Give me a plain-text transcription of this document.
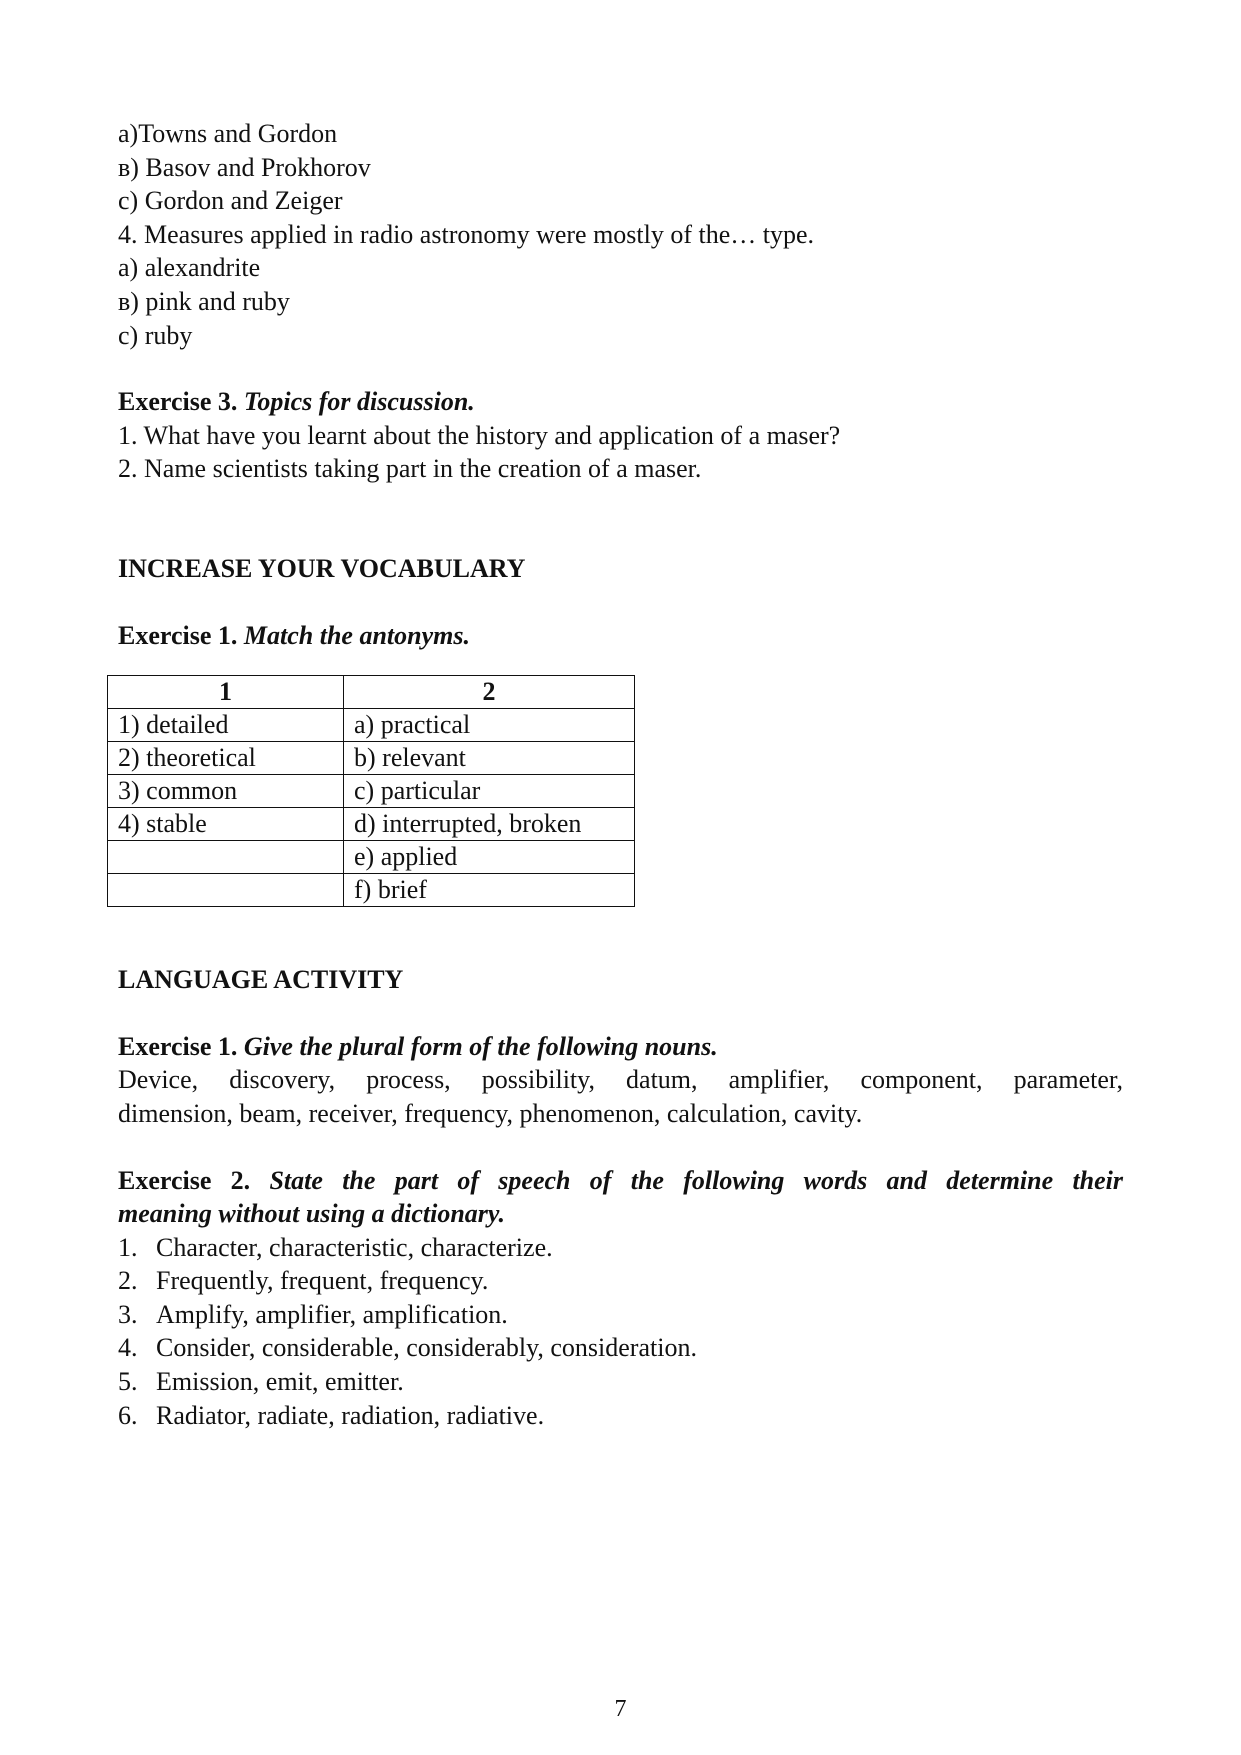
a)Towns and Gordon

в) Basov and Prokhorov

c) Gordon and Zeiger

4. Measures applied in radio astronomy were mostly of the… type.

a) alexandrite

в) pink and ruby

c) ruby

Exercise 3. Topics for discussion.

1. What have you learnt about the history and application of a maser?

2. Name scientists taking part in the creation of a maser.

INCREASE YOUR VOCABULARY

Exercise 1. Match the antonyms.

1	2
1) detailed	a) practical
2) theoretical	b) relevant
3) common	c) particular
4) stable	d) interrupted, broken
	e) applied
	f) brief

LANGUAGE ACTIVITY

Exercise 1. Give the plural form of the following nouns.

Device, discovery, process, possibility, datum, amplifier, component, parameter,

dimension, beam, receiver, frequency, phenomenon, calculation, cavity.

Exercise 2. State the part of speech of the following words and determine their

meaning without using a dictionary.

1. Character, characteristic, characterize.
2. Frequently, frequent, frequency.
3. Amplify, amplifier, amplification.
4. Consider, considerable, considerably, consideration.
5. Emission, emit, emitter.
6. Radiator, radiate, radiation, radiative.
7
